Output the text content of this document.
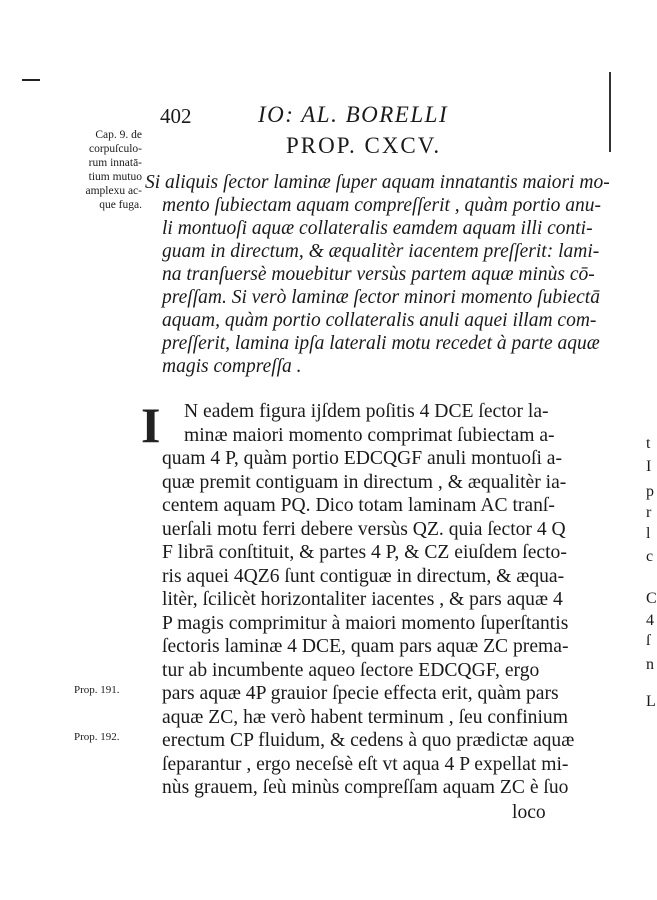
402	IO: AL. BORELLI
PROP. CXCV.
Cap. 9. de
corpuſculo-
rum innatā-
tium mutuo
amplexu ac-
que fuga.
Prop. 191.
Prop. 192.
Si aliquis ſector laminæ ſuper aquam innatantis maiori mo-
mento ſubiectam aquam compreſſerit , quàm portio anu-
li montuoſi aquæ collateralis eamdem aquam illi conti-
guam in directum, & æqualitèr iacentem preſſerit: lami-
na tranſuersè mouebitur versùs partem aquæ minùs cō-
preſſam. Si verò laminæ ſector minori momento ſubiectā
aquam, quàm portio collateralis anuli aquei illam com-
preſſerit, lamina ipſa laterali motu recedet à parte aquæ
magis compreſſa .
I N eadem figura ijſdem poſitis 4 DCE ſector la-
minæ maiori momento comprimat ſubiectam a-
quam 4 P, quàm portio EDCQGF anuli montuoſi a-
quæ premit contiguam in directum , & æqualitèr ia-
centem aquam PQ. Dico totam laminam AC tranſ-
uerſali motu ferri debere versùs QZ. quia ſector 4 Q
F librā conſtituit, & partes 4 P, & CZ eiuſdem ſecto-
ris aquei 4QZ6 ſunt contiguæ in directum, & æqua-
litèr, ſcilicèt horizontaliter iacentes , & pars aquæ 4
P magis comprimitur à maiori momento ſuperſtantis
ſectoris laminæ 4 DCE, quam pars aquæ ZC prema-
tur ab incumbente aqueo ſectore EDCQGF, ergo
pars aquæ 4P grauior ſpecie effecta erit, quàm pars
aquæ ZC, hæ verò habent terminum , ſeu confinium
erectum CP fluidum, & cedens à quo prædictæ aquæ
ſeparantur , ergo neceſsè eſt vt aqua 4 P expellat mi-
nùs grauem, ſeù minùs compreſſam aquam ZC è ſuo
loco
t
I
p
r
l
c
C
4
ſ
n
L
